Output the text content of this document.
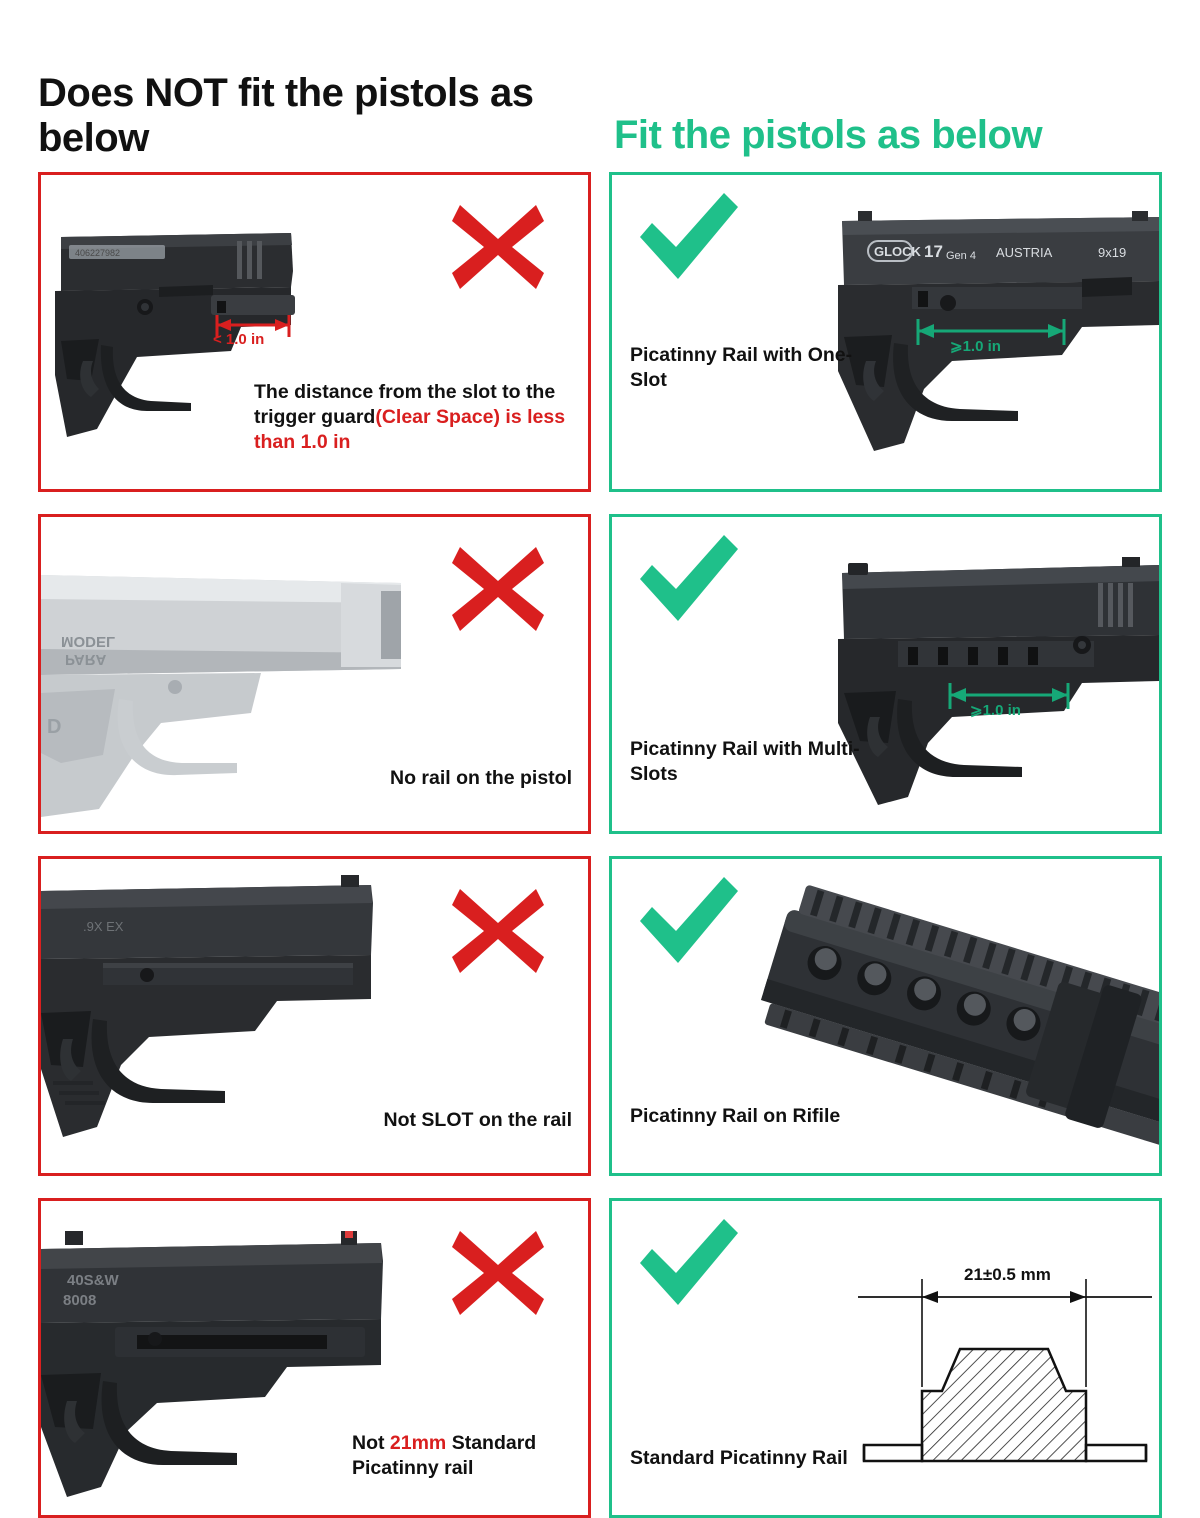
Does NOT fit the pistols as below	Fit the pistols as below
406227982
< 1.0 in
The distance from the slot to the trigger guard(Clear Space) is less than 1.0 in
GLOCK 17 Gen 4 AUSTRIA	9x19
⩾1.0 in
Picatinny Rail with One-Slot
MODEL
PARA
D
No rail on the pistol
⩾1.0 in
Picatinny Rail with Multi-Slots
.9X EX
Not SLOT on the rail	Picatinny Rail on Rifile
40S&W
8008
Not 21mm Standard Picatinny rail
21±0.5 mm
Standard Picatinny Rail
